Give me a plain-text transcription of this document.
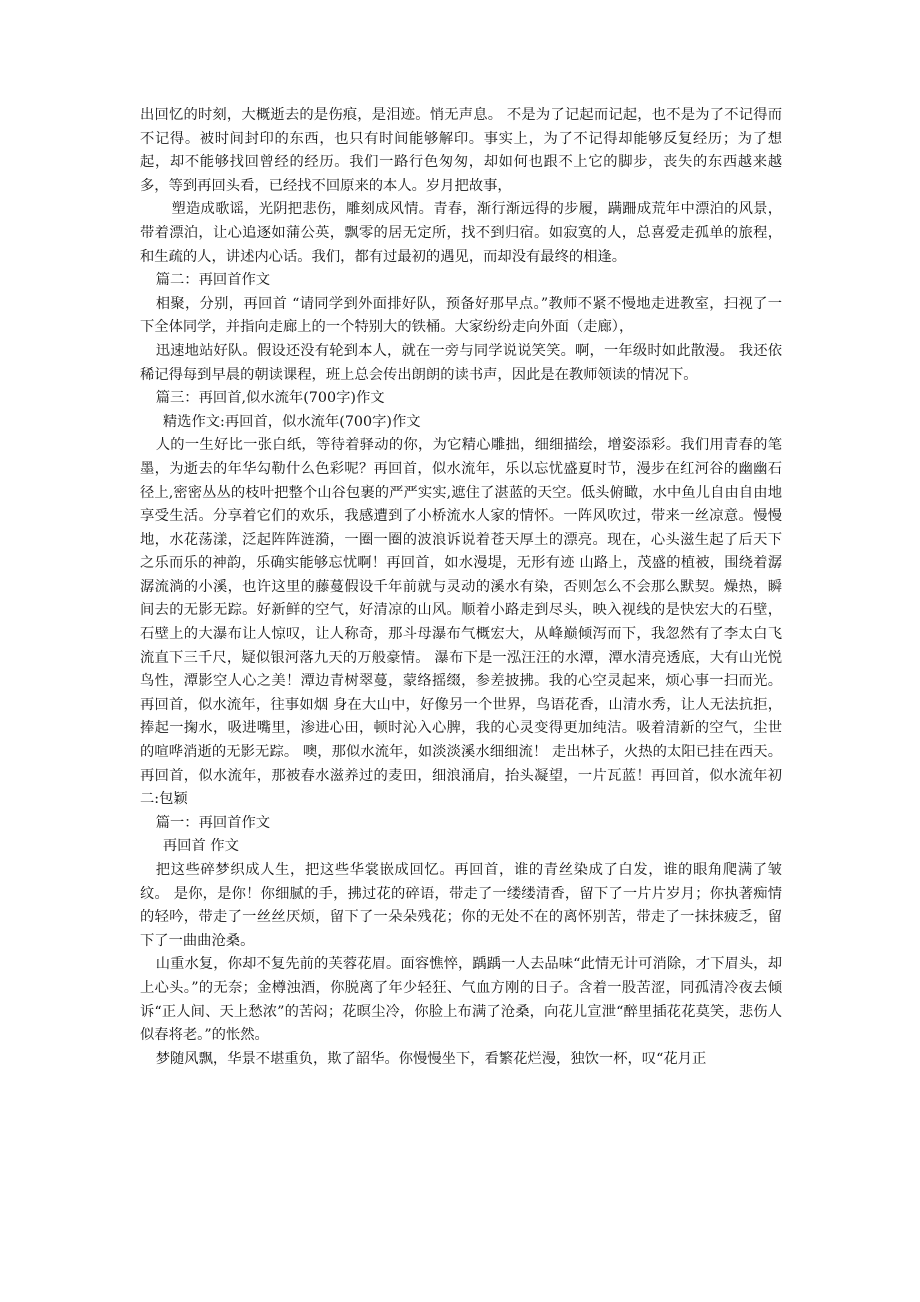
出回忆的时刻，大概逝去的是伤痕，是泪迹。悄无声息。 不是为了记起而记起，也不是为了不记得而不记得。被时间封印的东西，也只有时间能够解印。事实上，为了不记得却能够反复经历；为了想起，却不能够找回曾经的经历。我们一路行色匆匆，却如何也跟不上它的脚步，丧失的东西越来越多，等到再回头看，已经找不回原来的本人。岁月把故事，

塑造成歌谣，光阴把悲伤，雕刻成风情。青春，渐行渐远得的步履，蹒跚成荒年中漂泊的风景，带着漂泊，让心追逐如蒲公英，飘零的居无定所，找不到归宿。如寂寞的人，总喜爱走孤单的旅程，和生疏的人，讲述内心话。我们，都有过最初的遇见，而却没有最终的相逢。

篇二：再回首作文

相聚，分别，再回首 “请同学到外面排好队，预备好那早点。”教师不紧不慢地走进教室，扫视了一下全体同学，并指向走廊上的一个特别大的铁桶。大家纷纷走向外面（走廊），

迅速地站好队。假设还没有轮到本人，就在一旁与同学说说笑笑。啊，一年级时如此散漫。 我还依稀记得每到早晨的朝读课程，班上总会传出朗朗的读书声，因此是在教师领读的情况下。

篇三：再回首,似水流年(700字)作文

精选作文:再回首，似水流年(700字)作文

人的一生好比一张白纸，等待着驿动的你，为它精心雕拙，细细描绘，增姿添彩。我们用青春的笔墨，为逝去的年华勾勒什么色彩呢？再回首，似水流年，乐以忘忧盛夏时节，漫步在红河谷的幽幽石径上,密密丛丛的枝叶把整个山谷包裹的严严实实,遮住了湛蓝的天空。低头俯瞰，水中鱼儿自由自由地享受生活。分享着它们的欢乐，我感遭到了小桥流水人家的情怀。一阵风吹过，带来一丝凉意。慢慢地，水花荡漾，泛起阵阵涟漪，一圈一圈的波浪诉说着苍天厚土的漂亮。现在，心头滋生起了后天下之乐而乐的神韵，乐确实能够忘忧啊！再回首，如水漫堤，无形有迹 山路上，茂盛的植被，围绕着潺潺流淌的小溪，也许这里的藤蔓假设千年前就与灵动的溪水有染，否则怎么不会那么默契。燥热，瞬间去的无影无踪。好新鲜的空气，好清凉的山风。顺着小路走到尽头，映入视线的是快宏大的石壁，石壁上的大瀑布让人惊叹，让人称奇，那斗母瀑布气概宏大，从峰巅倾泻而下，我忽然有了李太白飞流直下三千尺，疑似银河落九天的万般豪情。 瀑布下是一泓汪汪的水潭，潭水清亮透底，大有山光悦鸟性，潭影空人心之美！潭边青树翠蔓，蒙络摇缀，参差披拂。我的心空灵起来，烦心事一扫而光。 再回首，似水流年，往事如烟 身在大山中，好像另一个世界，鸟语花香，山清水秀，让人无法抗拒，捧起一掬水，吸进嘴里，渗进心田，顿时沁入心脾，我的心灵变得更加纯洁。吸着清新的空气，尘世的喧哗消逝的无影无踪。 噢，那似水流年，如淡淡溪水细细流！ 走出林子，火热的太阳已挂在西天。再回首，似水流年，那被春水滋养过的麦田，细浪涌肩，抬头凝望，一片瓦蓝！再回首，似水流年初二:包颖

篇一：再回首作文

再回首 作文

把这些碎梦织成人生，把这些华裳嵌成回忆。再回首，谁的青丝染成了白发，谁的眼角爬满了皱纹。 是你，是你！你细腻的手，拂过花的碎语，带走了一缕缕清香，留下了一片片岁月；你执著痴情的轻吟，带走了一丝丝厌烦，留下了一朵朵残花；你的无处不在的离怀别苦，带走了一抹抹疲乏，留下了一曲曲沧桑。

山重水复，你却不复先前的芙蓉花眉。面容憔悴，踽踽一人去品味“此情无计可消除，才下眉头，却上心头。”的无奈；金樽浊酒，你脱离了年少轻狂、气血方刚的日子。含着一股苦涩，同孤清冷夜去倾诉“正人间、天上愁浓”的苦闷；花暝尘冷，你脸上布满了沧桑，向花儿宣泄“醉里插花花莫笑，悲伤人似春将老。”的怅然。

梦随风飘，华景不堪重负，欺了韶华。你慢慢坐下，看繁花烂漫，独饮一杯，叹“花月正
